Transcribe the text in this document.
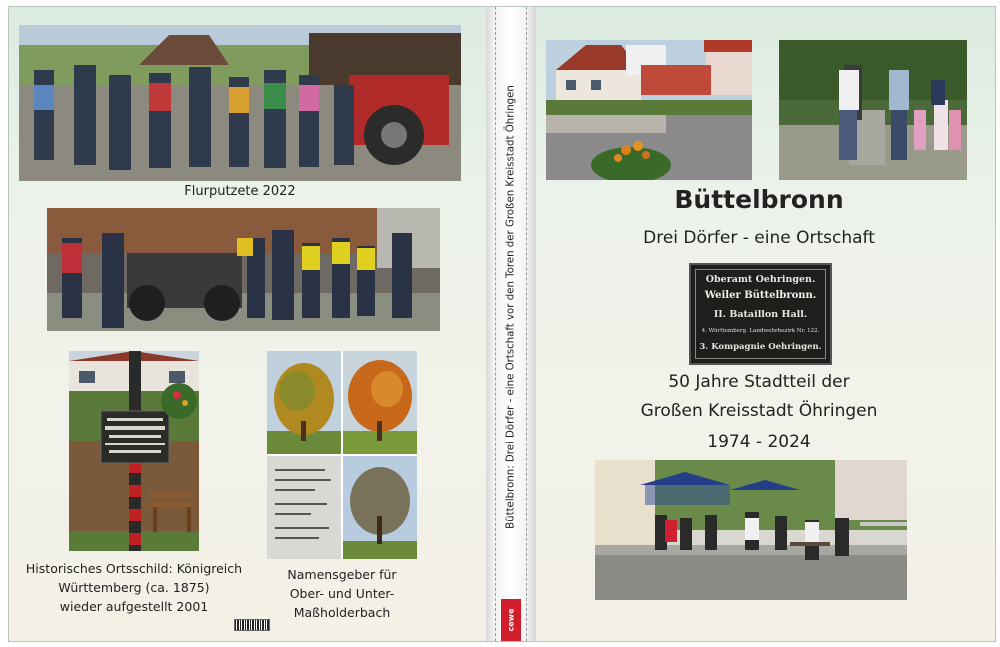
Flurputzete 2022
Historisches Ortsschild: Königreich
Württemberg (ca. 1875)
wieder aufgestellt 2001
Namensgeber für
Ober- und Unter-
Maßholderbach
Büttelbronn: Drei Dörfer - eine Ortschaft vor den Toren der Großen Kreisstadt Öhringen
cewe
Büttelbronn
Drei Dörfer - eine Ortschaft
Oberamt Oehringen.
Weiler Büttelbronn.
II. Bataillon Hall.
4. Württemberg. Landwehrbezirk Nr. 122.
3. Kompagnie Oehringen.
50 Jahre Stadtteil der
Großen Kreisstadt Öhringen
1974 - 2024
